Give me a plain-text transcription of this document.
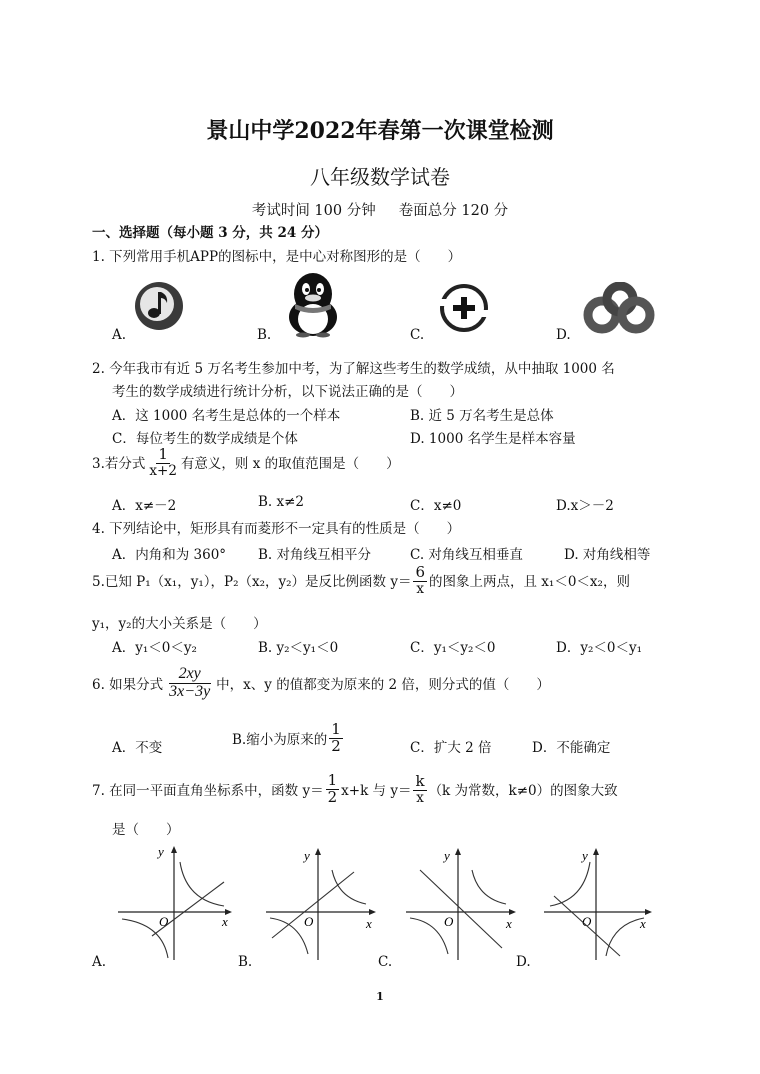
景山中学2022年春第一次课堂检测
八年级数学试卷
考试时间 100 分钟     卷面总分 120 分
一、选择题（每小题 3 分，共 24 分）
1. 下列常用手机APP的图标中，是中心对称图形的是（　　）
A.	B.	C.	D.
2. 今年我市有近 5 万名考生参加中考，为了解这些考生的数学成绩，从中抽取 1000 名
考生的数学成绩进行统计分析，以下说法正确的是（　　）
A．这 1000 名考生是总体的一个样本	B. 近 5 万名考生是总体
C．每位考生的数学成绩是个体	D. 1000 名学生是样本容量
3.若分式 $\frac{1}{x+2}$ 有意义，则 x 的取值范围是（　　）
A．x≠－2	B. x≠2	C．x≠0	D.x＞－2
4. 下列结论中，矩形具有而菱形不一定具有的性质是（　　）
A．内角和为 360° B. 对角线互相平分	C. 对角线互相垂直	D. 对角线相等
5.已知 P₁（x₁，y₁），P₂（x₂，y₂）是反比例函数 $y= \frac{6}{x}$ 的图象上两点，且 x₁＜0＜x₂，则
y₁，y₂的大小关系是（　　）
A．y₁＜0＜y₂	B. y₂＜y₁＜0	C．y₁＜y₂＜0	D．y₂＜0＜y₁
6. 如果分式 $\frac{2xy}{3x-3y}$ 中，x、y 的值都变为原来的 2 倍，则分式的值（　　）
A．不变	B.缩小为原来的 $\frac{1}{2}$	C．扩大 2 倍	D．不能确定
7. 在同一平面直角坐标系中，函数 $y= \frac{1}{2} x+k$ 与 $y= \frac{k}{x} (k$ 为常数，k≠0）的图象大致
是（　　）
x
y
O	x
y
O	x
y
O	x
y
O
A.	B.	C.	D.
1
